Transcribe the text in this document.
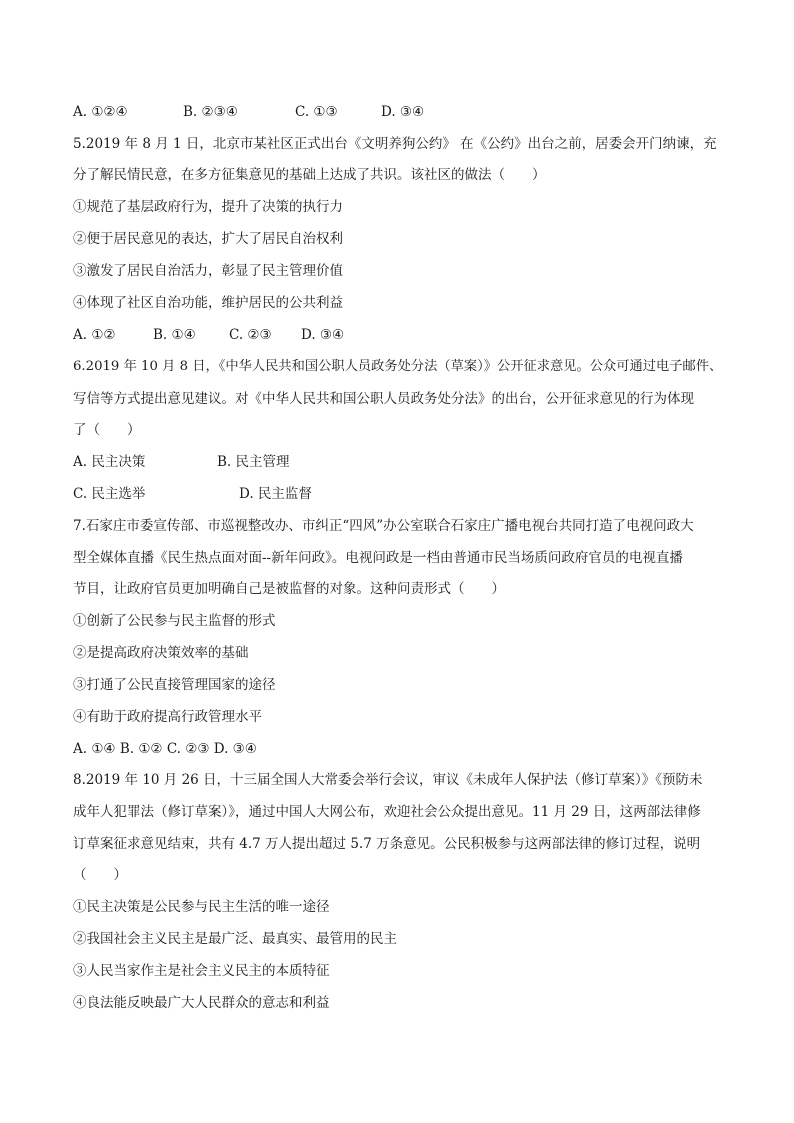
A. ①②④	B. ②③④	C. ①③	D. ③④
5.2019 年 8 月 1 日，北京市某社区正式出台《文明养狗公约》 在《公约》出台之前，居委会开门纳谏，充
分了解民情民意，在多方征集意见的基础上达成了共识。该社区的做法（　　）
①规范了基层政府行为，提升了决策的执行力
②便于居民意见的表达，扩大了居民自治权利
③激发了居民自治活力，彰显了民主管理价值
④体现了社区自治功能，维护居民的公共利益
A. ①②	B. ①④ C. ②③ D. ③④
6.2019 年 10 月 8 日，《中华人民共和国公职人员政务处分法（草案）》公开征求意见。公众可通过电子邮件、
写信等方式提出意见建议。对《中华人民共和国公职人员政务处分法》的出台，公开征求意见的行为体现
了（　　）
A. 民主决策	B. 民主管理
C. 民主选举	D. 民主监督
7.石家庄市委宣传部、市巡视整改办、市纠正“四风”办公室联合石家庄广播电视台共同打造了电视问政大
型全媒体直播《民生热点面对面--新年问政》。电视问政是一档由普通市民当场质问政府官员的电视直播
节目，让政府官员更加明确自己是被监督的对象。这种问责形式（　　）
①创新了公民参与民主监督的形式
②是提高政府决策效率的基础
③打通了公民直接管理国家的途径
④有助于政府提高行政管理水平
A. ①④ B. ①② C. ②③ D. ③④
8.2019 年 10 月 26 日，十三届全国人大常委会举行会议，审议《未成年人保护法（修订草案）》《预防未
成年人犯罪法（修订草案）》，通过中国人大网公布，欢迎社会公众提出意见。11 月 29 日，这两部法律修
订草案征求意见结束，共有 4.7 万人提出超过 5.7 万条意见。公民积极参与这两部法律的修订过程，说明
（　　）
①民主决策是公民参与民主生活的唯一途径
②我国社会主义民主是最广泛、最真实、最管用的民主
③人民当家作主是社会主义民主的本质特征
④良法能反映最广大人民群众的意志和利益
